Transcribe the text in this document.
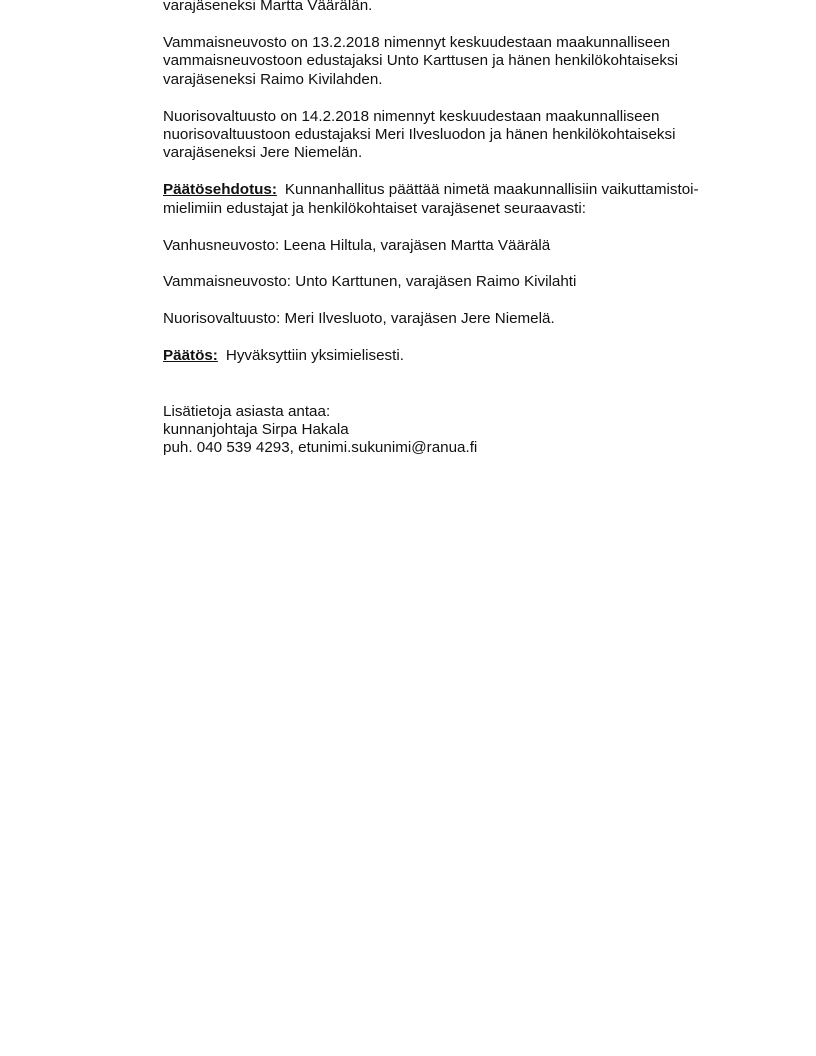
varajäseneksi Martta Väärälän.
Vammaisneuvosto on 13.2.2018 nimennyt keskuudestaan maakunnalliseen
vammaisneuvostoon edustajaksi Unto Karttusen ja hänen henkilökohtaiseksi
varajäseneksi Raimo Kivilahden.
Nuorisovaltuusto on 14.2.2018 nimennyt keskuudestaan maakunnalliseen
nuorisovaltuustoon edustajaksi Meri Ilvesluodon ja hänen henkilökohtaiseksi
varajäseneksi Jere Niemelän.
Päätösehdotus: Kunnanhallitus päättää nimetä maakunnallisiin vaikuttamistoi-
mielimiin edustajat ja henkilökohtaiset varajäsenet seuraavasti:
Vanhusneuvosto: Leena Hiltula, varajäsen Martta Väärälä
Vammaisneuvosto: Unto Karttunen, varajäsen Raimo Kivilahti
Nuorisovaltuusto: Meri Ilvesluoto, varajäsen Jere Niemelä.
Päätös: Hyväksyttiin yksimielisesti.
Lisätietoja asiasta antaa:
kunnanjohtaja Sirpa Hakala
puh. 040 539 4293, etunimi.sukunimi@ranua.fi
